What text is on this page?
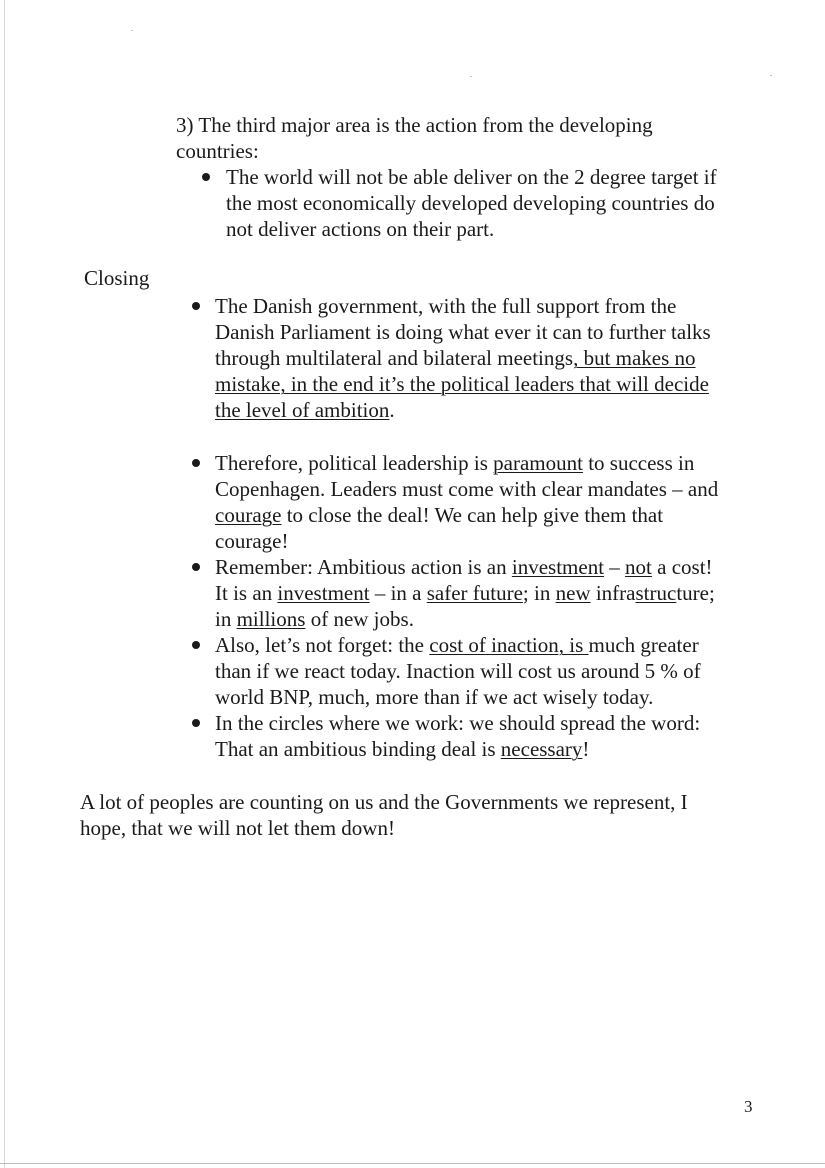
3) The third major area is the action from the developing
countries:
The world will not be able deliver on the 2 degree target if
the most economically developed developing countries do
not deliver actions on their part.
Closing
The Danish government, with the full support from the
Danish Parliament is doing what ever it can to further talks
through multilateral and bilateral meetings, but makes no
mistake, in the end it’s the political leaders that will decide
the level of ambition.
Therefore, political leadership is paramount to success in
Copenhagen. Leaders must come with clear mandates – and
courage to close the deal! We can help give them that
courage!
Remember: Ambitious action is an investment – not a cost!
It is an investment – in a safer future; in new infrastructure;
in millions of new jobs.
Also, let’s not forget: the cost of inaction, is much greater
than if we react today. Inaction will cost us around 5 % of
world BNP, much, more than if we act wisely today.
In the circles where we work: we should spread the word:
That an ambitious binding deal is necessary!
A lot of peoples are counting on us and the Governments we represent, I
hope, that we will not let them down!
3
